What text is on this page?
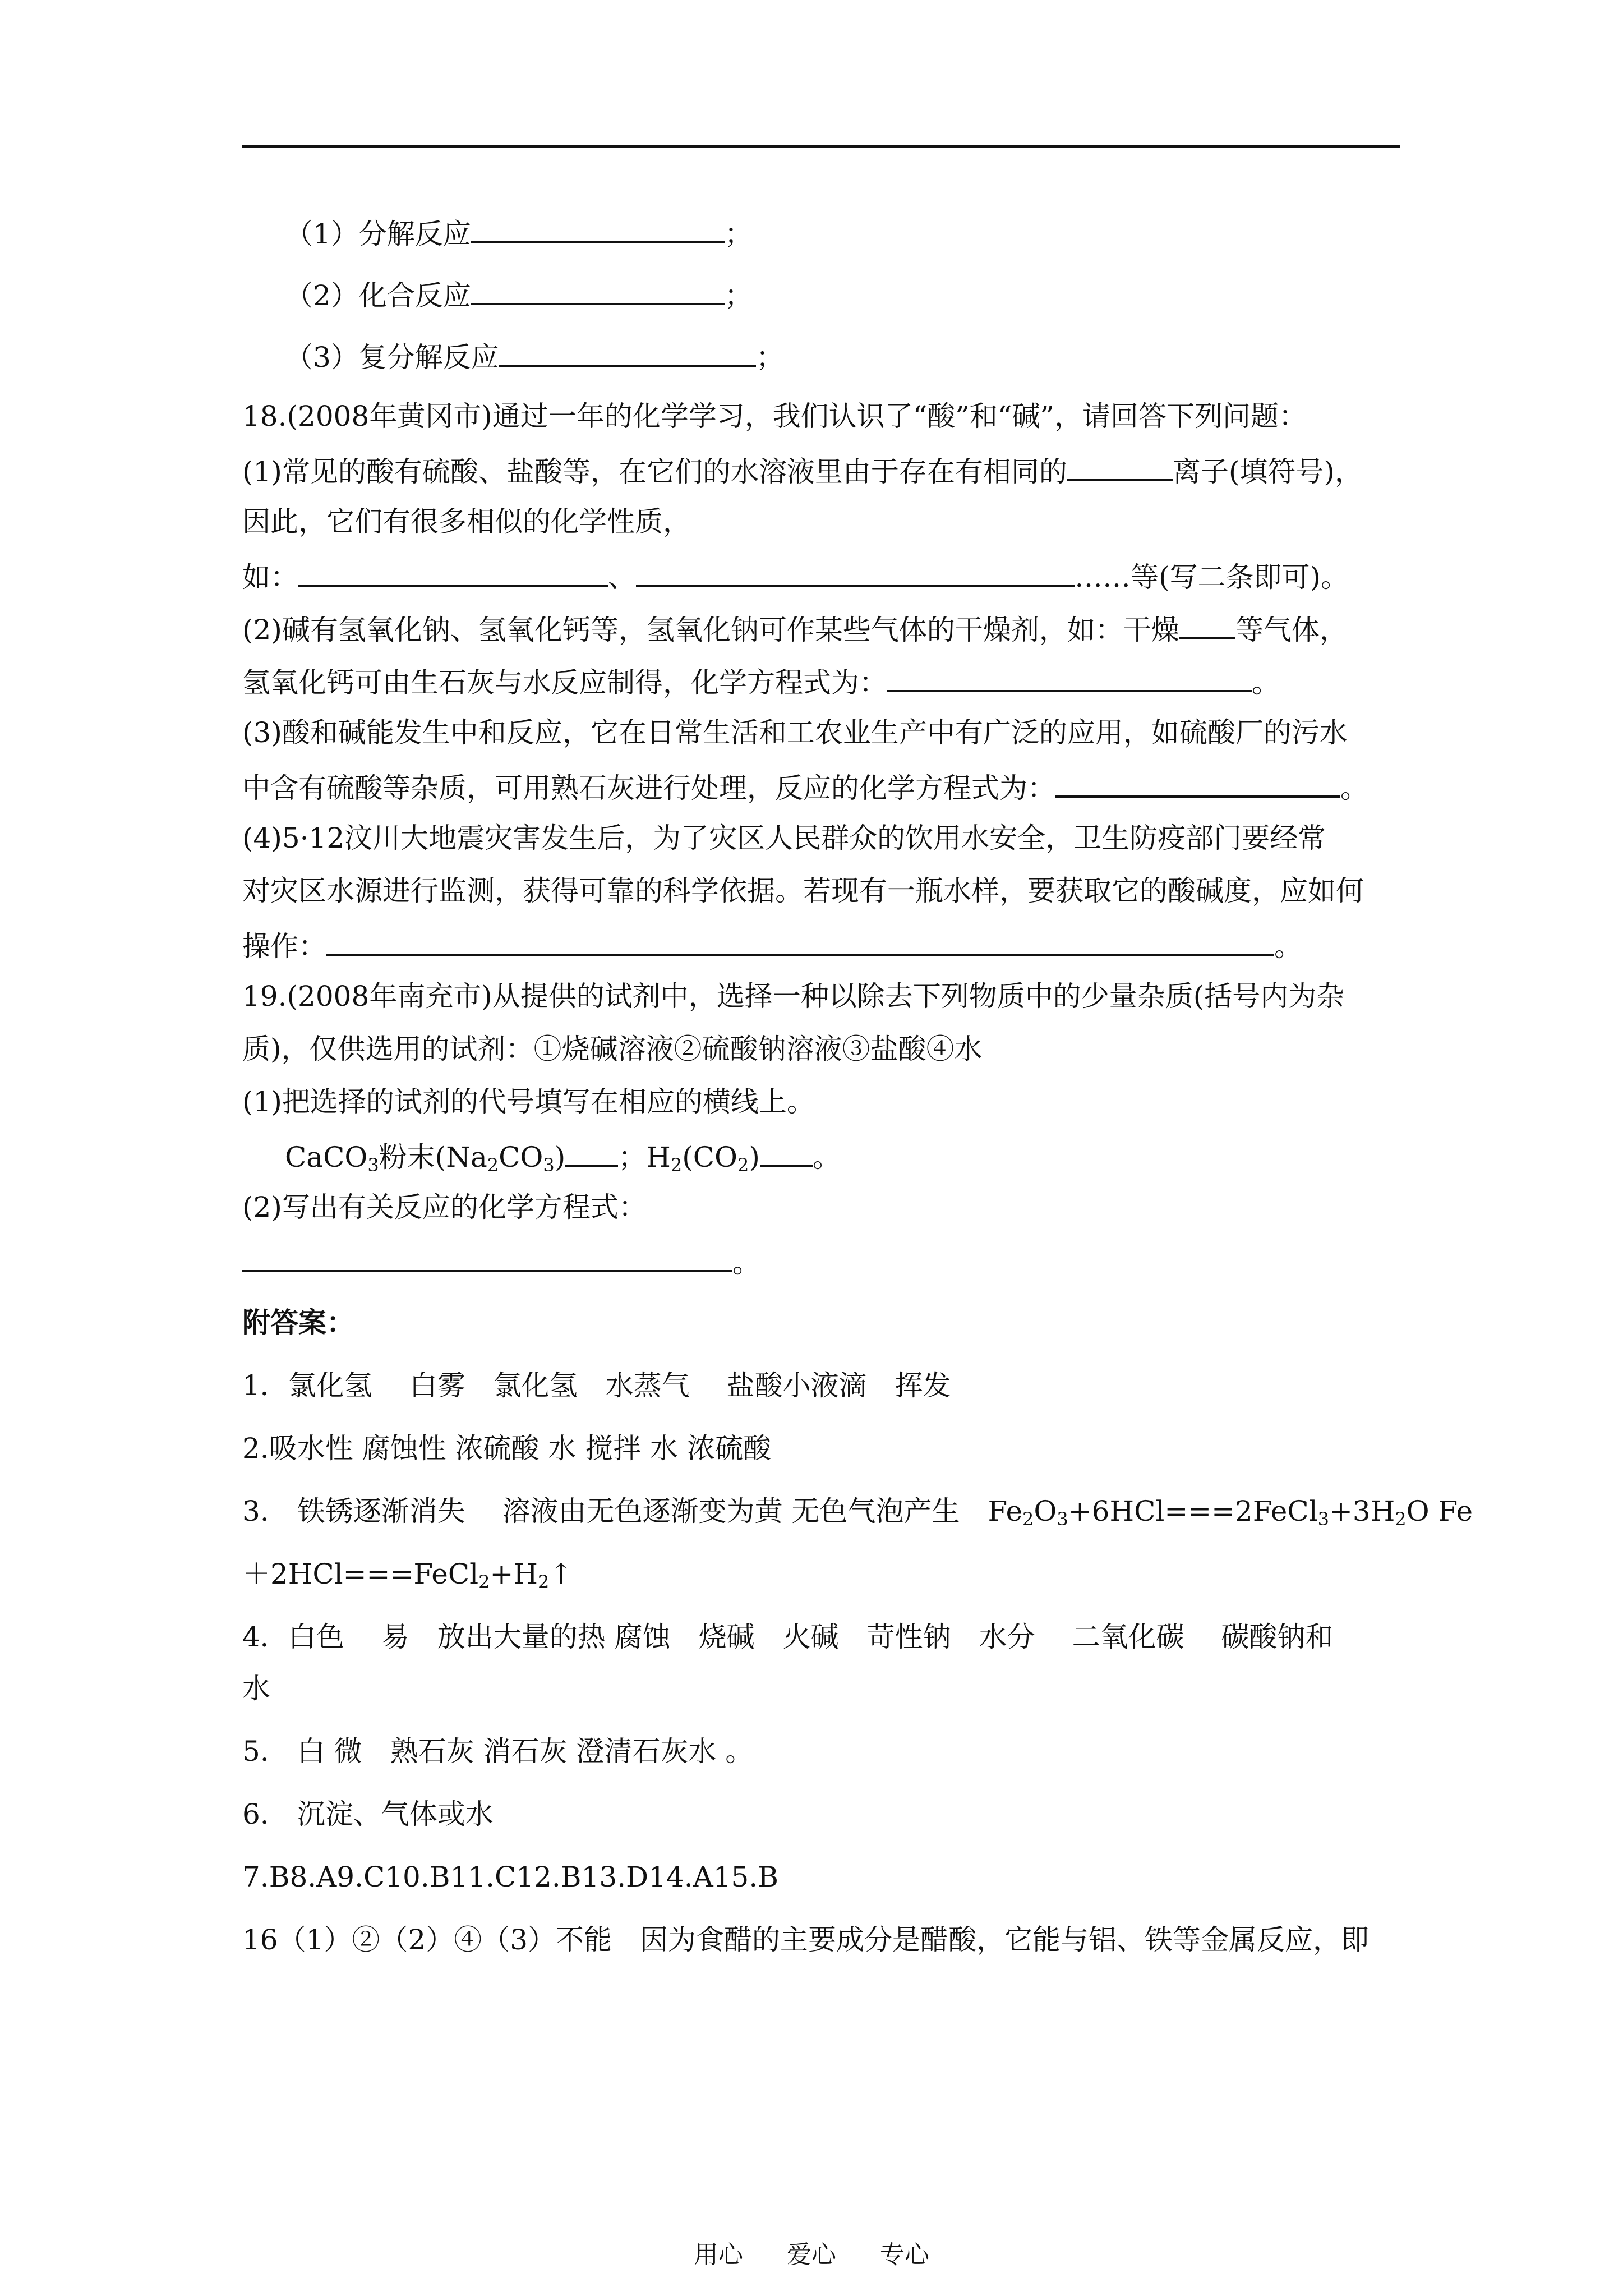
（1）分解反应	；
（2）化合反应	；
（3）复分解反应	；
18.(2008年黄冈市)通过一年的化学学习，我们认识了“酸”和“碱”，请回答下列问题：
(1)常见的酸有硫酸、盐酸等，在它们的水溶液里由于存在有相同的	离子(填符号)，
因此，它们有很多相似的化学性质，
如：	、	……等(写二条即可)。
(2)碱有氢氧化钠、氢氧化钙等，氢氧化钠可作某些气体的干燥剂，如：干燥 等气体，
氢氧化钙可由生石灰与水反应制得，化学方程式为：	。
(3)酸和碱能发生中和反应，它在日常生活和工农业生产中有广泛的应用，如硫酸厂的污水
中含有硫酸等杂质，可用熟石灰进行处理，反应的化学方程式为：	。
(4)5·12汶川大地震灾害发生后，为了灾区人民群众的饮用水安全，卫生防疫部门要经常
对灾区水源进行监测，获得可靠的科学依据。若现有一瓶水样，要获取它的酸碱度，应如何
操作：	。
19.(2008年南充市)从提供的试剂中，选择一种以除去下列物质中的少量杂质(括号内为杂
质)，仅供选用的试剂：①烧碱溶液②硫酸钠溶液③盐酸④水
(1)把选择的试剂的代号填写在相应的横线上。
CaCO$_3$粉末$(Na_2CO_3)$ ；$H_2(CO_2)$ 。
(2)写出有关反应的化学方程式：
。
附答案：
1．氯化氢　 白雾　氯化氢　水蒸气　 盐酸小液滴　挥发
2.吸水性 腐蚀性 浓硫酸 水 搅拌 水 浓硫酸
3.　铁锈逐渐消失　 溶液由无色逐渐变为黄 无色气泡产生　$Fe_2O_3+6HCl===2FeCl_3+3H_2O$ Fe
$+2HCl===FeCl_2+H_2↑$
4．白色　 易　放出大量的热 腐蚀　烧碱　火碱　苛性钠　水分　 二氧化碳　 碳酸钠和
水
5.　白 微　熟石灰 消石灰 澄清石灰水 。
6.　沉淀、气体或水
7.B8.A9.C10.B11.C12.B13.D14.A15.B
16（1）②（2）④（3）不能　因为食醋的主要成分是醋酸，它能与铝、铁等金属反应，即
用心 爱心 专心
